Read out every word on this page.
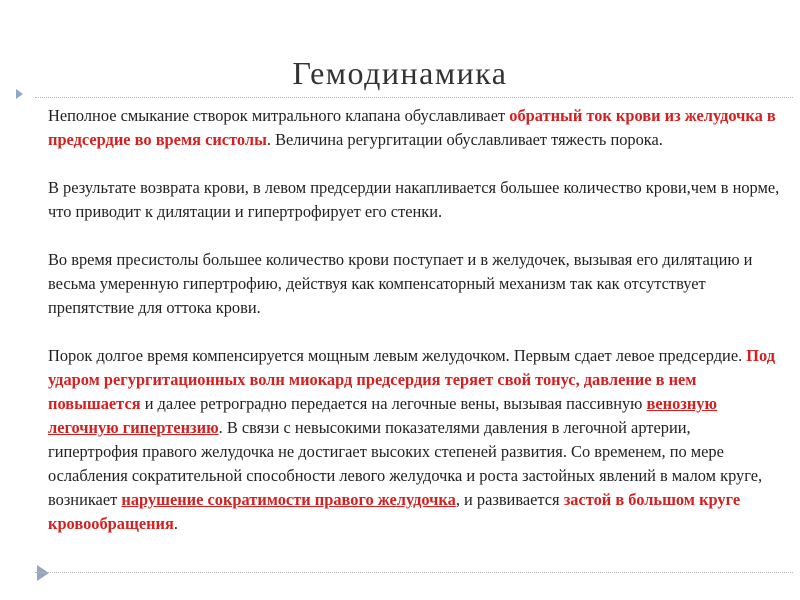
Гемодинамика

Неполное смыкание створок митрального клапана обуславливает обратный ток крови из желудочка в предсердие во время систолы. Величина регургитации обуславливает тяжесть порока.

В результате возврата крови, в левом предсердии накапливается большее количество крови,чем в норме, что приводит к дилятации и гипертрофирует его стенки.

Во время пресистолы большее количество крови поступает и в желудочек, вызывая его дилятацию и весьма умеренную гипертрофию, действуя как компенсаторный механизм так как отсутствует препятствие для оттока крови.

Порок долгое время компенсируется мощным левым желудочком. Первым сдает левое предсердие. Под ударом регургитационных волн миокард предсердия теряет свой тонус, давление в нем повышается и далее ретроградно передается на легочные вены, вызывая пассивную венозную легочную гипертензию. В связи с невысокими показателями давления в легочной артерии, гипертрофия правого желудочка не достигает высоких степеней развития. Со временем, по мере ослабления сократительной способности левого желудочка и роста застойных явлений в малом круге, возникает нарушение сократимости правого желудочка, и развивается застой в большом круге кровообращения.
